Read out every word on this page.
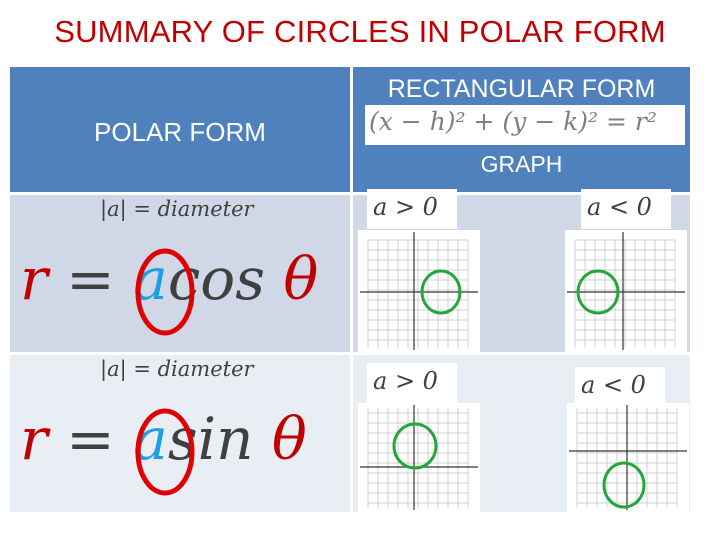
SUMMARY OF CIRCLES IN POLAR FORM
POLAR FORM
RECTANGULAR FORM
(x − h)² + (y − k)² = r²
GRAPH
|a| = diameter
r = acos θ
a > 0	a < 0
|a| = diameter
r = asin θ
a > 0	a < 0
